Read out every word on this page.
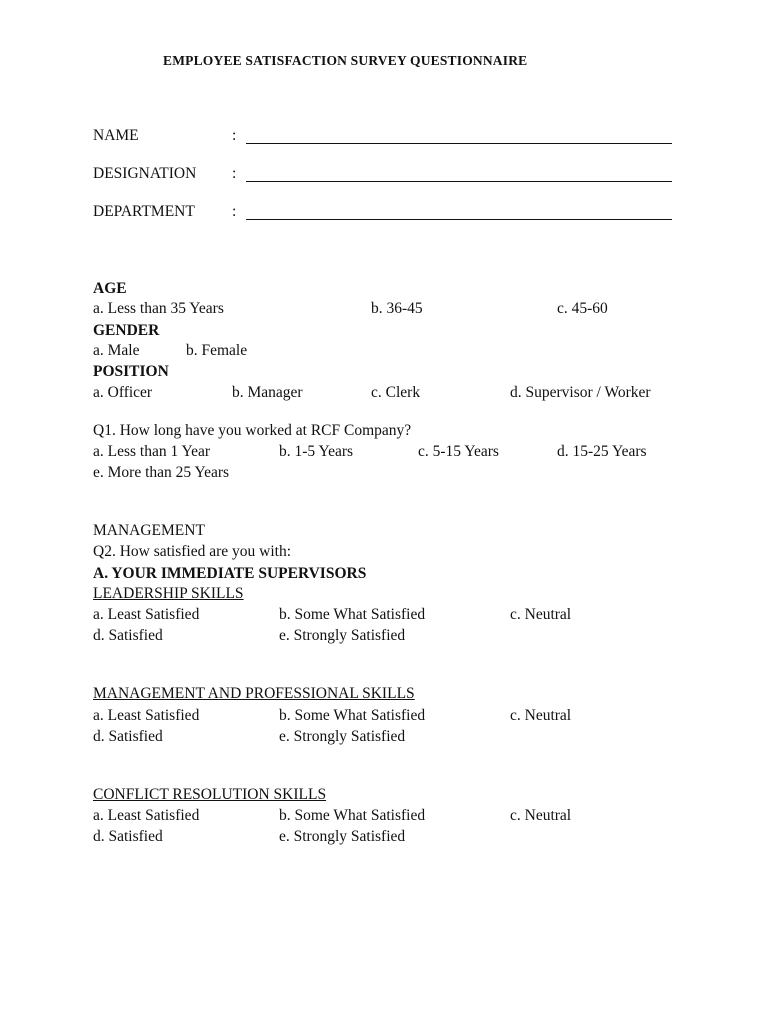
EMPLOYEE SATISFACTION SURVEY QUESTIONNAIRE
NAME	:
DESIGNATION :
DEPARTMENT :
AGE
a. Less than 35 Years	b. 36-45	c. 45-60
GENDER
a. Male	b. Female
POSITION
a. Officer	b. Manager	c. Clerk	d. Supervisor / Worker
Q1. How long have you worked at RCF Company?
a. Less than 1 Year	b. 1-5 Years	c. 5-15 Years	d. 15-25 Years
e. More than 25 Years
MANAGEMENT
Q2. How satisfied are you with:
A. YOUR IMMEDIATE SUPERVISORS
LEADERSHIP SKILLS
a. Least Satisfied	b. Some What Satisfied	c. Neutral
d. Satisfied	e. Strongly Satisfied
MANAGEMENT AND PROFESSIONAL SKILLS
a. Least Satisfied	b. Some What Satisfied	c. Neutral
d. Satisfied	e. Strongly Satisfied
CONFLICT RESOLUTION SKILLS
a. Least Satisfied	b. Some What Satisfied	c. Neutral
d. Satisfied	e. Strongly Satisfied
